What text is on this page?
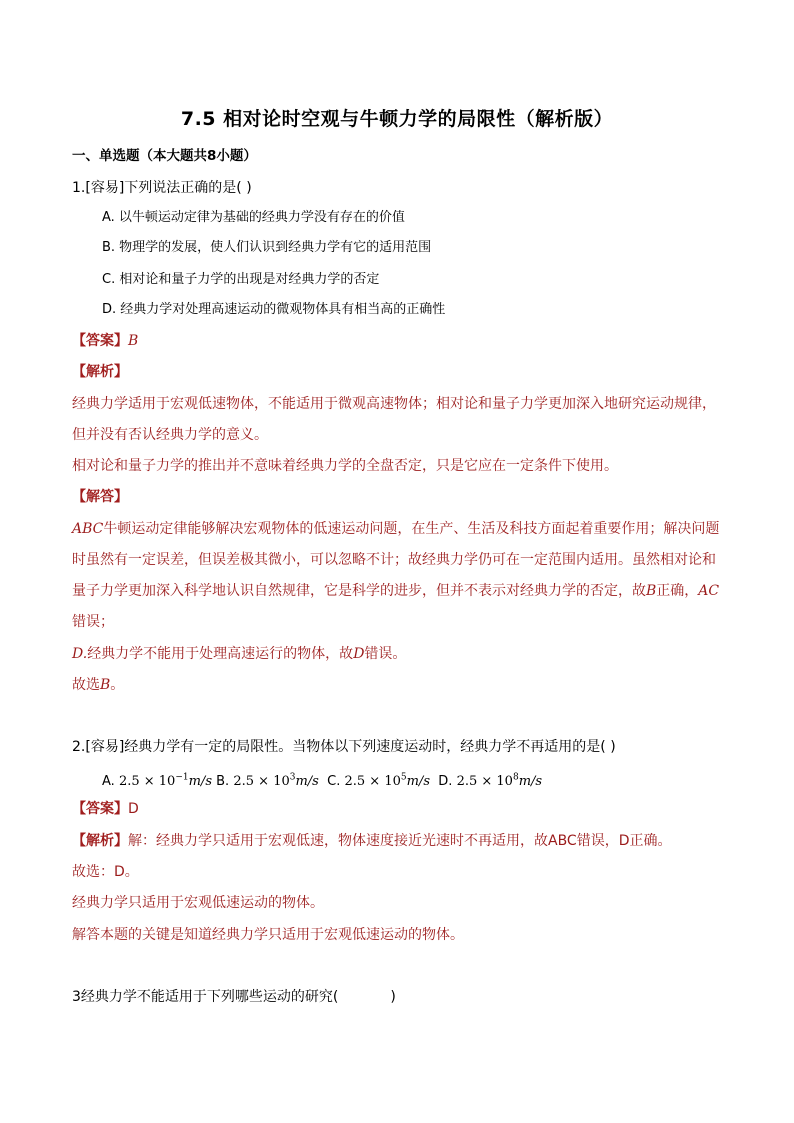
7.5 相对论时空观与牛顿力学的局限性（解析版）
一、单选题（本大题共8小题）
1.[容易]下列说法正确的是( )
A. 以牛顿运动定律为基础的经典力学没有存在的价值
B. 物理学的发展，使人们认识到经典力学有它的适用范围
C. 相对论和量子力学的出现是对经典力学的否定
D. 经典力学对处理高速运动的微观物体具有相当高的正确性
【答案】B
【解析】
经典力学适用于宏观低速物体，不能适用于微观高速物体；相对论和量子力学更加深入地研究运动规律，
但并没有否认经典力学的意义。
相对论和量子力学的推出并不意味着经典力学的全盘否定，只是它应在一定条件下使用。
【解答】
ABC牛顿运动定律能够解决宏观物体的低速运动问题，在生产、生活及科技方面起着重要作用；解决问题
时虽然有一定误差，但误差极其微小，可以忽略不计；故经典力学仍可在一定范围内适用。虽然相对论和
量子力学更加深入科学地认识自然规律，它是科学的进步，但并不表示对经典力学的否定，故B正确，AC
错误；
D.经典力学不能用于处理高速运行的物体，故D错误。
故选B。
2.[容易]经典力学有一定的局限性。当物体以下列速度运动时，经典力学不再适用的是( )
A. $2.5 \times 10^{-1}m/s$ B. $2.5 \times 10^3m/s$ C. $2.5 \times 10^5m/s$ D. $2.5 \times 10^8m/s$
【答案】D
【解析】解：经典力学只适用于宏观低速，物体速度接近光速时不再适用，故ABC错误，D正确。
故选：D。
经典力学只适用于宏观低速运动的物体。
解答本题的关键是知道经典力学只适用于宏观低速运动的物体。
3经典力学不能适用于下列哪些运动的研究(	)
